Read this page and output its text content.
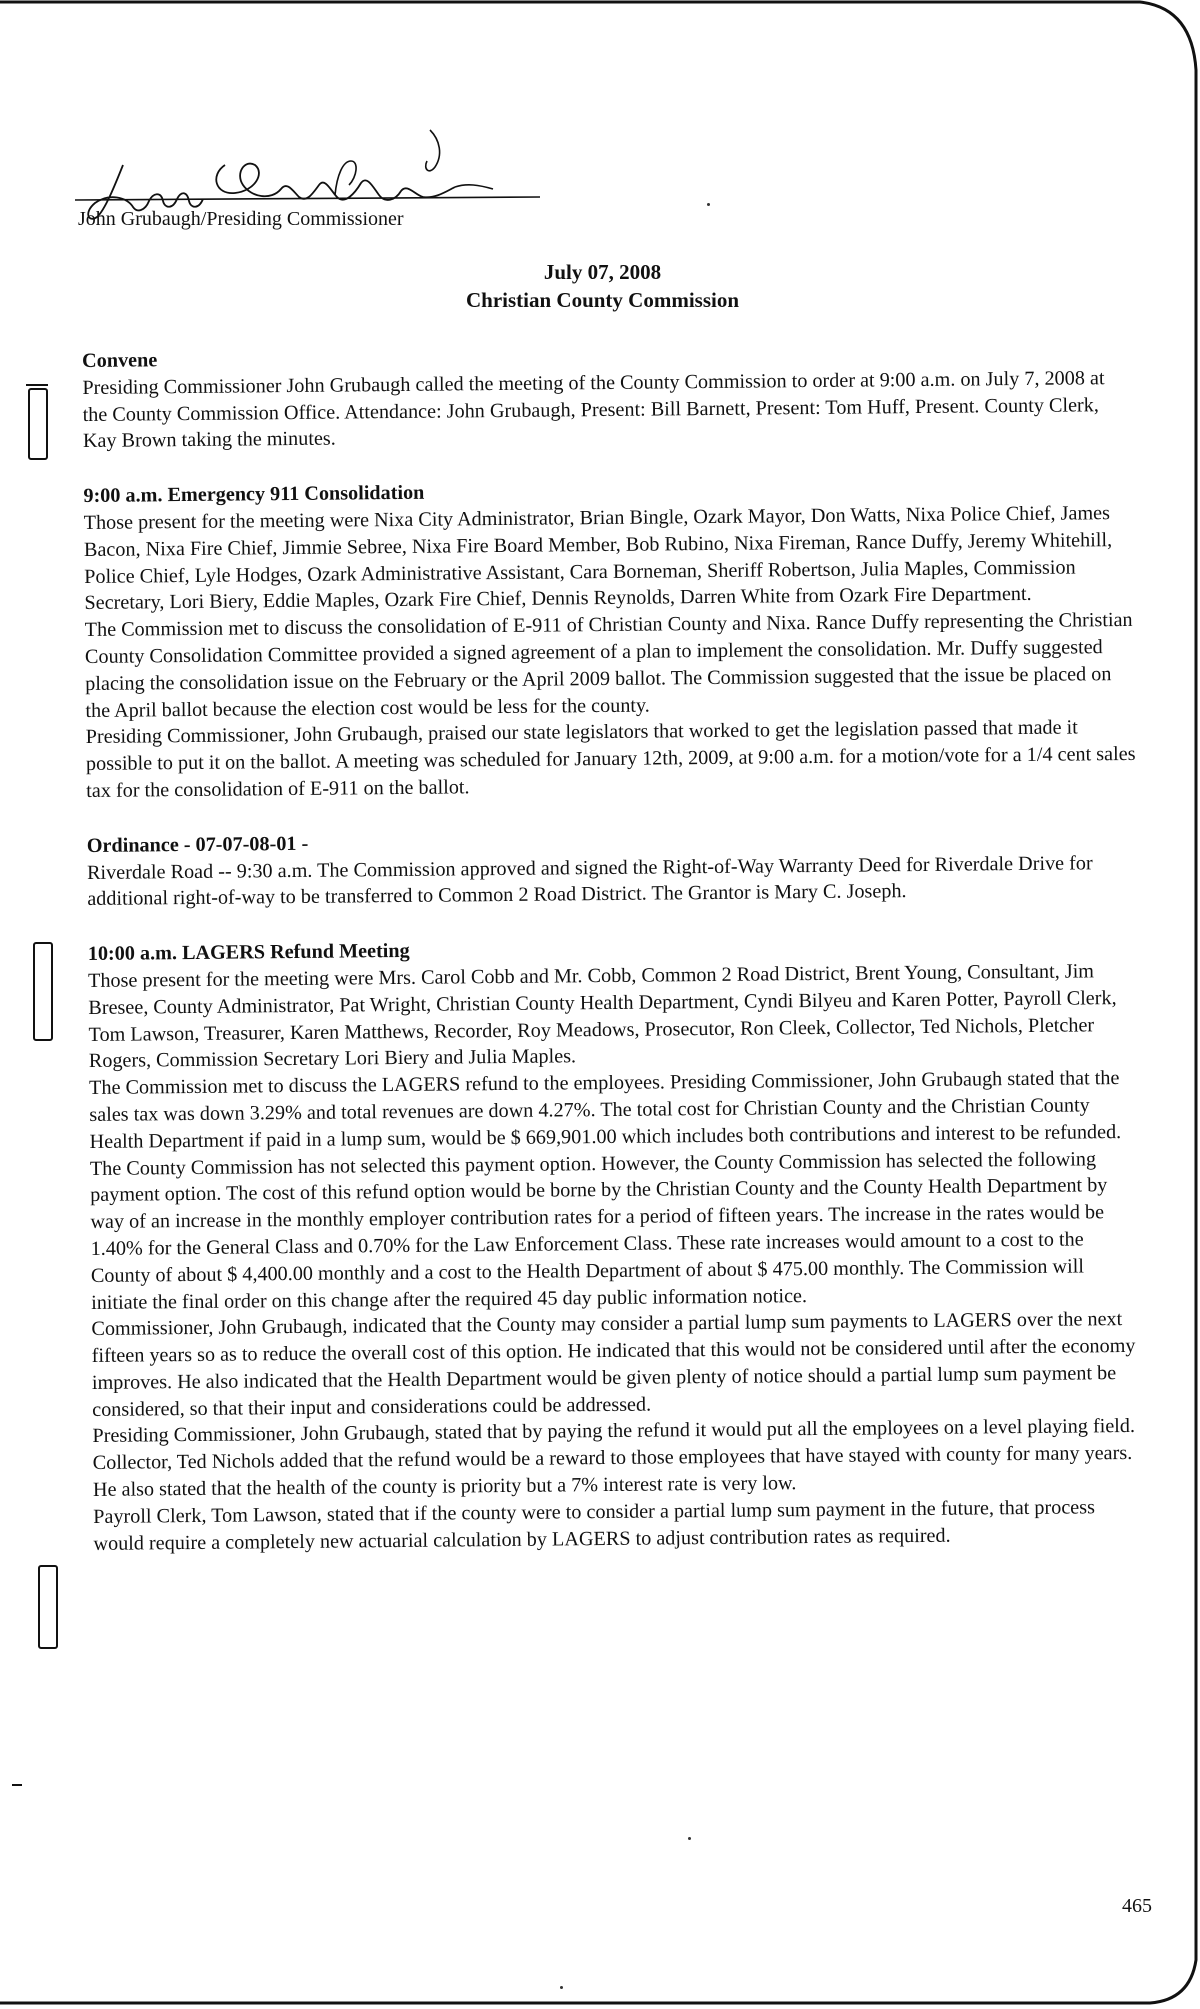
John Grubaugh/Presiding Commissioner
July 07, 2008
Christian County Commission
Convene

Presiding Commissioner John Grubaugh called the meeting of the County Commission to order at 9:00 a.m. on July 7, 2008 at the County Commission Office. Attendance: John Grubaugh, Present: Bill Barnett, Present: Tom Huff, Present. County Clerk, Kay Brown taking the minutes.

9:00 a.m. Emergency 911 Consolidation

Those present for the meeting were Nixa City Administrator, Brian Bingle, Ozark Mayor, Don Watts, Nixa Police Chief, James Bacon, Nixa Fire Chief, Jimmie Sebree, Nixa Fire Board Member, Bob Rubino, Nixa Fireman, Rance Duffy, Jeremy Whitehill, Police Chief, Lyle Hodges, Ozark Administrative Assistant, Cara Borneman, Sheriff Robertson, Julia Maples, Commission Secretary, Lori Biery, Eddie Maples, Ozark Fire Chief, Dennis Reynolds, Darren White from Ozark Fire Department.

The Commission met to discuss the consolidation of E-911 of Christian County and Nixa. Rance Duffy representing the Christian County Consolidation Committee provided a signed agreement of a plan to implement the consolidation. Mr. Duffy suggested placing the consolidation issue on the February or the April 2009 ballot. The Commission suggested that the issue be placed on the April ballot because the election cost would be less for the county.

Presiding Commissioner, John Grubaugh, praised our state legislators that worked to get the legislation passed that made it possible to put it on the ballot. A meeting was scheduled for January 12th, 2009, at 9:00 a.m. for a motion/vote for a 1/4 cent sales tax for the consolidation of E-911 on the ballot.

Ordinance - 07-07-08-01 -

Riverdale Road -- 9:30 a.m. The Commission approved and signed the Right-of-Way Warranty Deed for Riverdale Drive for additional right-of-way to be transferred to Common 2 Road District. The Grantor is Mary C. Joseph.

10:00 a.m. LAGERS Refund Meeting

Those present for the meeting were Mrs. Carol Cobb and Mr. Cobb, Common 2 Road District, Brent Young, Consultant, Jim Bresee, County Administrator, Pat Wright, Christian County Health Department, Cyndi Bilyeu and Karen Potter, Payroll Clerk, Tom Lawson, Treasurer, Karen Matthews, Recorder, Roy Meadows, Prosecutor, Ron Cleek, Collector, Ted Nichols, Pletcher Rogers, Commission Secretary Lori Biery and Julia Maples.

The Commission met to discuss the LAGERS refund to the employees. Presiding Commissioner, John Grubaugh stated that the sales tax was down 3.29% and total revenues are down 4.27%. The total cost for Christian County and the Christian County Health Department if paid in a lump sum, would be $ 669,901.00 which includes both contributions and interest to be refunded. The County Commission has not selected this payment option. However, the County Commission has selected the following payment option. The cost of this refund option would be borne by the Christian County and the County Health Department by way of an increase in the monthly employer contribution rates for a period of fifteen years. The increase in the rates would be 1.40% for the General Class and 0.70% for the Law Enforcement Class. These rate increases would amount to a cost to the County of about $ 4,400.00 monthly and a cost to the Health Department of about $ 475.00 monthly. The Commission will initiate the final order on this change after the required 45 day public information notice.

Commissioner, John Grubaugh, indicated that the County may consider a partial lump sum payments to LAGERS over the next fifteen years so as to reduce the overall cost of this option. He indicated that this would not be considered until after the economy improves. He also indicated that the Health Department would be given plenty of notice should a partial lump sum payment be considered, so that their input and considerations could be addressed.

Presiding Commissioner, John Grubaugh, stated that by paying the refund it would put all the employees on a level playing field.

Collector, Ted Nichols added that the refund would be a reward to those employees that have stayed with county for many years. He also stated that the health of the county is priority but a 7% interest rate is very low.

Payroll Clerk, Tom Lawson, stated that if the county were to consider a partial lump sum payment in the future, that process would require a completely new actuarial calculation by LAGERS to adjust contribution rates as required.

465
